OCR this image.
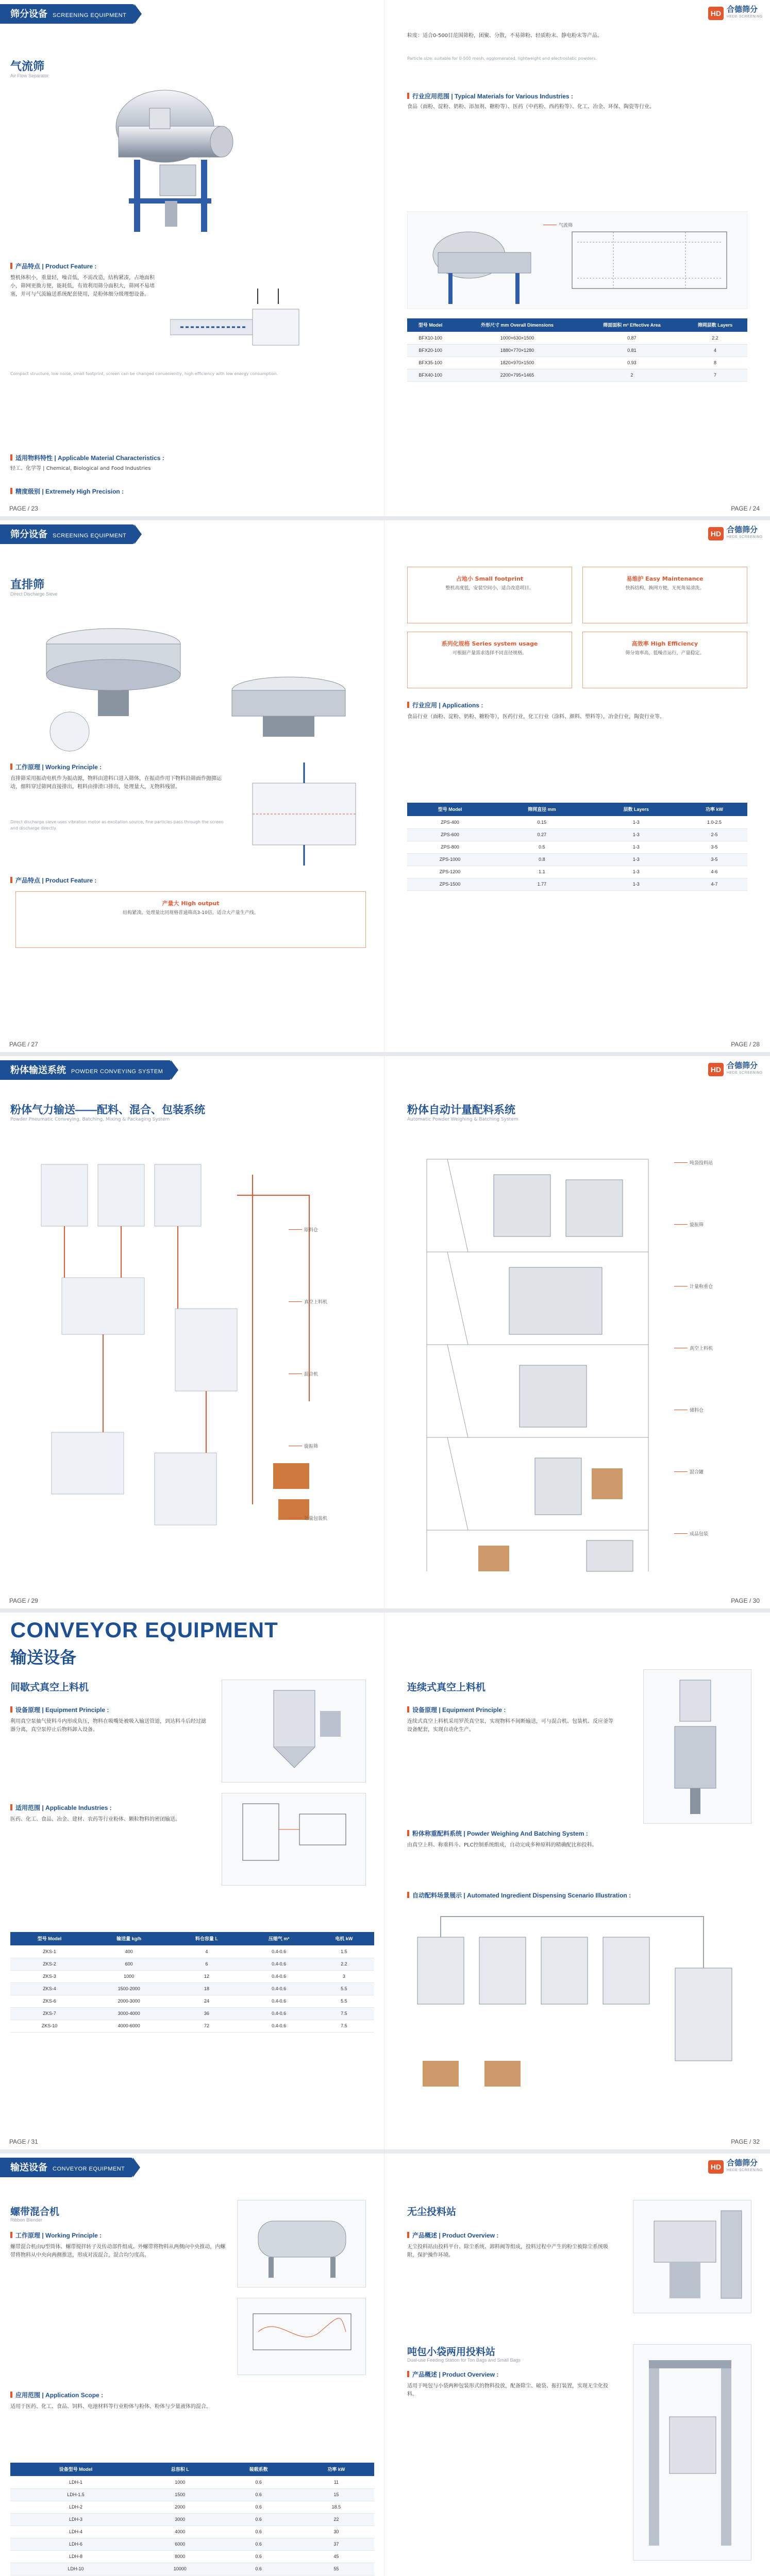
筛分设备 SCREENING EQUIPMENT
气流筛
Air Flow Separator
产品特点 | Product Feature :
整机体积小，重量轻，噪音低，不需改造，结构紧凑，占地面积小，筛网更换方便，能耗低，有效利用筛分面积大，筛网不易堵塞，并可与气流输送系统配套使用，是粉体细分级理想设备。
Compact structure, low noise, small footprint, screen can be changed conveniently, high efficiency with low energy consumption.
适用物料特性 | Applicable Material Characteristics :
轻工、化学等 | Chemical, Biological and Food Industries
精度级别 | Extremely High Precision :
PAGE / 23
HD 合德筛分
HEDE SCREENING
粒度：适合0-500目范围筛粉，团聚、分散，不易筛粉、轻质粉末、静电粉末等产品。
Particle size: suitable for 0-500 mesh, agglomerated, lightweight and electrostatic powders.
行业应用范围 | Typical Materials for Various Industries :
食品（面粉、淀粉、奶粉、添加剂、糖粉等）、医药（中药粉、西药粉等）、化工、冶金、环保、陶瓷等行业。
气流筛
型号 Model	外形尺寸 mm Overall Dimensions	筛面面积 m² Effective Area	筛网层数 Layers
BFX10-100	1000×630×1500	0.87	2.2
BFX20-100	1880×770×1280	0.81	4
BFX35-100	1820×970×1500	0.93	8
BFX40-100	2200×795×1465	2	7
PAGE / 24
筛分设备 SCREENING EQUIPMENT
直排筛
Direct Discharge Sieve
工作原理 | Working Principle :
直排筛采用振动电机作为振动源，物料由进料口进入筛体，在振动作用下物料沿筛面作抛掷运动，细料穿过筛网直接排出，粗料由排渣口排出，处理量大，无物料残留。
Direct discharge sieve uses vibration motor as excitation source, fine particles pass through the screen and discharge directly.
产品特点 | Product Feature :
产量大 High output
结构紧凑，处理量比同规格普通筛高3-10倍，适合大产量生产线。
PAGE / 27
HD 合德筛分
HEDE SCREENING
占地小 Small footprint
整机高度低，安装空间小，适合改造项目。
易维护 Easy Maintenance
快拆结构，换网方便，无死角易清洗。
系列化规格 Series system usage
可根据产量需求选择不同直径规格。
高效率 High Efficiency
筛分效率高，低噪音运行，产量稳定。
行业应用 | Applications :
食品行业（面粉、淀粉、奶粉、糖粉等），医药行业，化工行业（涂料、颜料、塑料等），冶金行业，陶瓷行业等。
型号 Model	筛网直径 mm	层数 Layers	功率 kW
ZPS-400	0.15	1-3	1.0-2.5
ZPS-600	0.27	1-3	2-5
ZPS-800	0.5	1-3	3-5
ZPS-1000	0.8	1-3	3-5
ZPS-1200	1.1	1-3	4-6
ZPS-1500	1.77	1-3	4-7
PAGE / 28
粉体输送系统 POWDER CONVEYING SYSTEM
粉体气力输送——配料、混合、包装系统
Powder Pneumatic Conveying, Batching, Mixing & Packaging System
原料仓
真空上料机
混合机
旋振筛
计量包装机
PAGE / 29
HD 合德筛分
HEDE SCREENING
粉体自动计量配料系统
Automatic Powder Weighing & Batching System
吨袋投料站
旋振筛
计量称重仓
真空上料机
储料仓
混合罐
成品包装
PAGE / 30
CONVEYOR EQUIPMENT
输送设备
间歇式真空上料机
设备原理 | Equipment Principle :
利用真空泵抽气使料斗内形成负压，物料在吸嘴处被吸入输送管道，到达料斗后经过滤器分离，真空泵停止后物料卸入设备。
适用范围 | Applicable Industries :
医药、化工、食品、冶金、建材、农药等行业粉体、颗粒物料的密闭输送。
型号 Model	输送量 kg/h	料仓容量 L	压缩气 m³	电机 kW
ZKS-1	400	4	0.4-0.6	1.5
ZKS-2	600	6	0.4-0.6	2.2
ZKS-3	1000	12	0.4-0.6	3
ZKS-4	1500-2000	18	0.4-0.6	5.5
ZKS-6	2000-3000	24	0.4-0.6	5.5
ZKS-7	3000-4000	36	0.4-0.6	7.5
ZKS-10	4000-6000	72	0.4-0.6	7.5
PAGE / 31
连续式真空上料机
设备原理 | Equipment Principle :
连续式真空上料机采用罗茨真空泵，实现物料不间断输送，可与混合机、包装机、反应釜等设备配套，实现自动化生产。
粉体称重配料系统 | Powder Weighing And Batching System :
由真空上料、称重料斗、PLC控制系统组成，自动完成多种原料的精确配比和投料。
自动配料场景展示 | Automated Ingredient Dispensing Scenario Illustration :
PAGE / 32
输送设备 CONVEYOR EQUIPMENT
螺带混合机
Ribbon Blender
工作原理 | Working Principle :
螺带混合机由U型筒体、螺带搅拌转子及传动部件组成。外螺带将物料从两侧向中央推动，内螺带将物料从中央向两侧推送，形成对流混合，混合均匀度高。
应用范围 | Application Scope :
适用于医药、化工、食品、饲料、电池材料等行业粉体与粉体、粉体与少量液体的混合。
设备型号 Model	总容积 L	装载系数	功率 kW
LDH-1	1000	0.6	11
LDH-1.5	1500	0.6	15
LDH-2	2000	0.6	18.5
LDH-3	3000	0.6	22
LDH-4	4000	0.6	30
LDH-6	6000	0.6	37
LDH-8	8000	0.6	45
LDH-10	10000	0.6	55

HD 合德筛分
HEDE SCREENING
无尘投料站
产品概述 | Product Overview :
无尘投料站由投料平台、除尘系统、卸料阀等组成，投料过程中产生的粉尘被除尘系统吸附，保护操作环境。
吨包小袋两用投料站
Dual-use Feeding Station for Ton Bags and Small Bags
产品概述 | Product Overview :
适用于吨包与小袋两种包装形式的物料投放，配备除尘、破袋、振打装置，实现无尘化投料。
